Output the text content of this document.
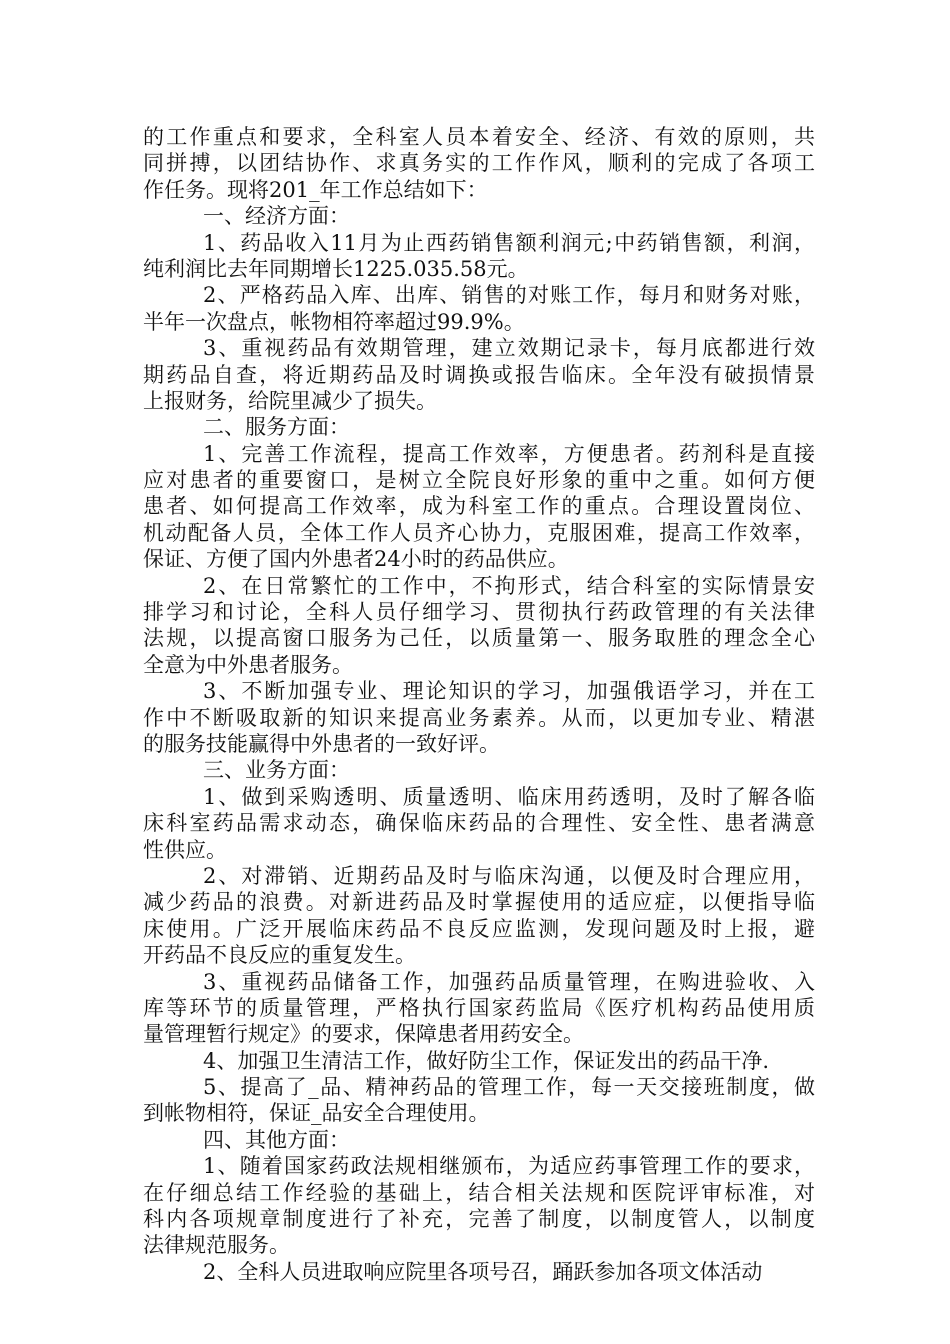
的工作重点和要求，全科室人员本着安全、经济、有效的原则，共
同拼搏，以团结协作、求真务实的工作作风，顺利的完成了各项工
作任务。现将201_年工作总结如下：
一、经济方面：
1、药品收入11月为止西药销售额利润元;中药销售额，利润，
纯利润比去年同期增长1225.035.58元。
2、严格药品入库、出库、销售的对账工作，每月和财务对账，
半年一次盘点，帐物相符率超过99.9%。
3、重视药品有效期管理，建立效期记录卡，每月底都进行效
期药品自查，将近期药品及时调换或报告临床。全年没有破损情景
上报财务，给院里减少了损失。
二、服务方面：
1、完善工作流程，提高工作效率，方便患者。药剂科是直接
应对患者的重要窗口，是树立全院良好形象的重中之重。如何方便
患者、如何提高工作效率，成为科室工作的重点。合理设置岗位、
机动配备人员，全体工作人员齐心协力，克服困难，提高工作效率，
保证、方便了国内外患者24小时的药品供应。
2、在日常繁忙的工作中，不拘形式，结合科室的实际情景安
排学习和讨论，全科人员仔细学习、贯彻执行药政管理的有关法律
法规，以提高窗口服务为己任，以质量第一、服务取胜的理念全心
全意为中外患者服务。
3、不断加强专业、理论知识的学习，加强俄语学习，并在工
作中不断吸取新的知识来提高业务素养。从而，以更加专业、精湛
的服务技能赢得中外患者的一致好评。
三、业务方面：
1、做到采购透明、质量透明、临床用药透明，及时了解各临
床科室药品需求动态，确保临床药品的合理性、安全性、患者满意
性供应。
2、对滞销、近期药品及时与临床沟通，以便及时合理应用，
减少药品的浪费。对新进药品及时掌握使用的适应症，以便指导临
床使用。广泛开展临床药品不良反应监测，发现问题及时上报，避
开药品不良反应的重复发生。
3、重视药品储备工作，加强药品质量管理，在购进验收、入
库等环节的质量管理，严格执行国家药监局《医疗机构药品使用质
量管理暂行规定》的要求，保障患者用药安全。
4、加强卫生清洁工作，做好防尘工作，保证发出的药品干净.
5、提高了_品、精神药品的管理工作，每一天交接班制度，做
到帐物相符，保证_品安全合理使用。
四、其他方面：
1、随着国家药政法规相继颁布，为适应药事管理工作的要求，
在仔细总结工作经验的基础上，结合相关法规和医院评审标准，对
科内各项规章制度进行了补充，完善了制度，以制度管人，以制度
法律规范服务。
2、全科人员进取响应院里各项号召，踊跃参加各项文体活动
